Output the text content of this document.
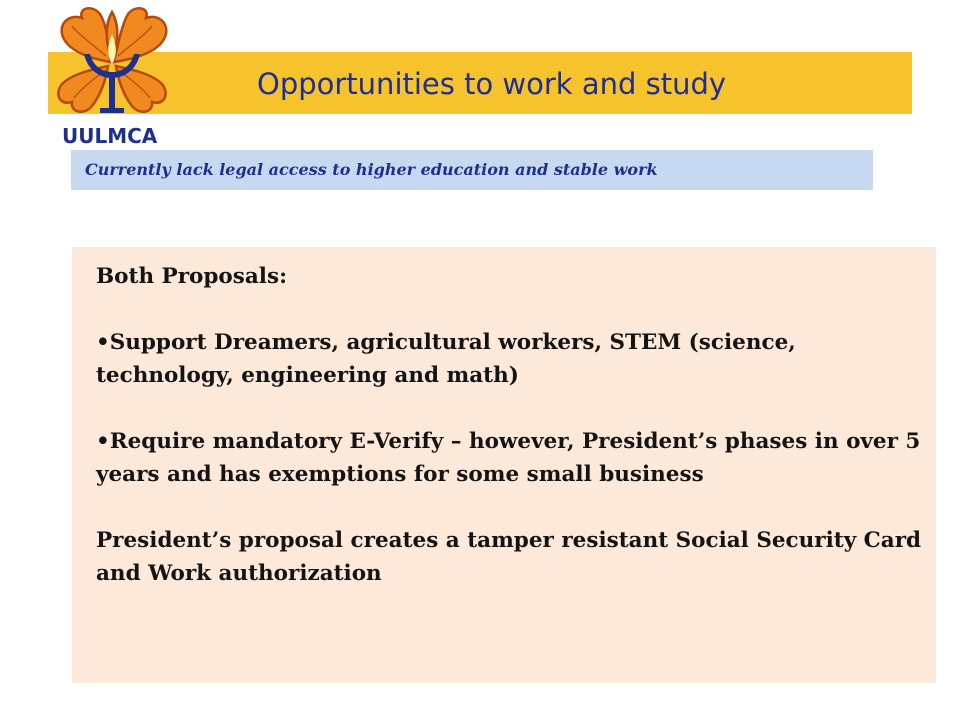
UULMCA
Opportunities to work and study
Currently lack legal access to higher education and stable work

Both Proposals:

•Support Dreamers, agricultural workers, STEM (science, technology, engineering and math)

•Require mandatory E-Verify – however, President’s phases in over 5 years and has exemptions for some small business

President’s proposal creates a tamper resistant Social Security Card and Work authorization
